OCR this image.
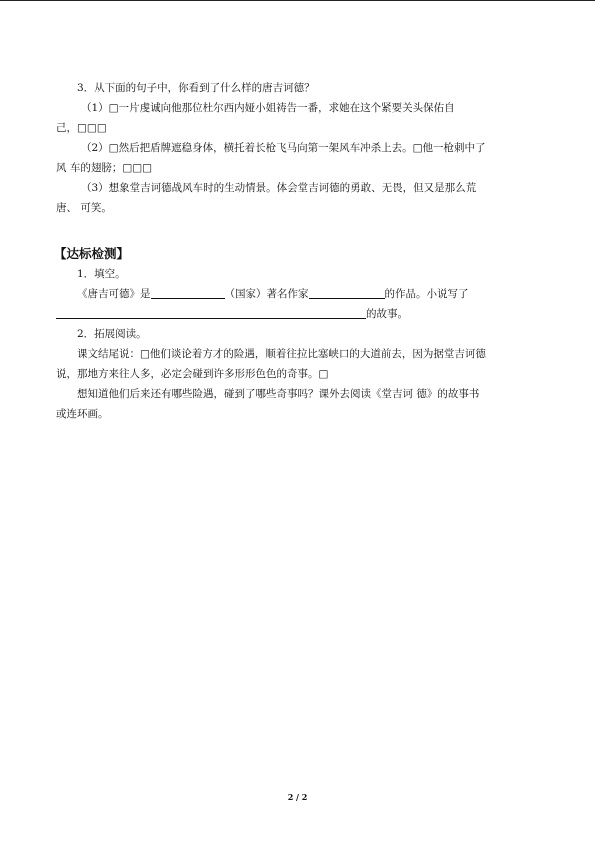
3．从下面的句子中，你看到了什么样的唐吉诃德？
（1）□一片虔诚向他那位杜尔西内娅小姐祷告一番，求她在这个紧要关头保佑自
己，□□□
（2）□然后把盾牌遮稳身体，横托着长枪飞马向第一架风车冲杀上去。□他一枪刺中了
风 车的翅膀；□□□
（3）想象堂吉诃德战风车时的生动情景。体会堂吉诃德的勇敢、无畏，但又是那么荒
唐、 可笑。
【达标检测】
1．填空。
《唐吉可德》是	（国家）著名作家	的作品。小说写了
的故事。
2．拓展阅读。
课文结尾说：□他们谈论着方才的险遇，顺着往拉比塞峡口的大道前去，因为据堂吉诃德
说，那地方来往人多，必定会碰到许多形形色色的奇事。□
想知道他们后来还有哪些险遇，碰到了哪些奇事吗？课外去阅读《堂吉诃 德》的故事书
或连环画。
2 / 2
